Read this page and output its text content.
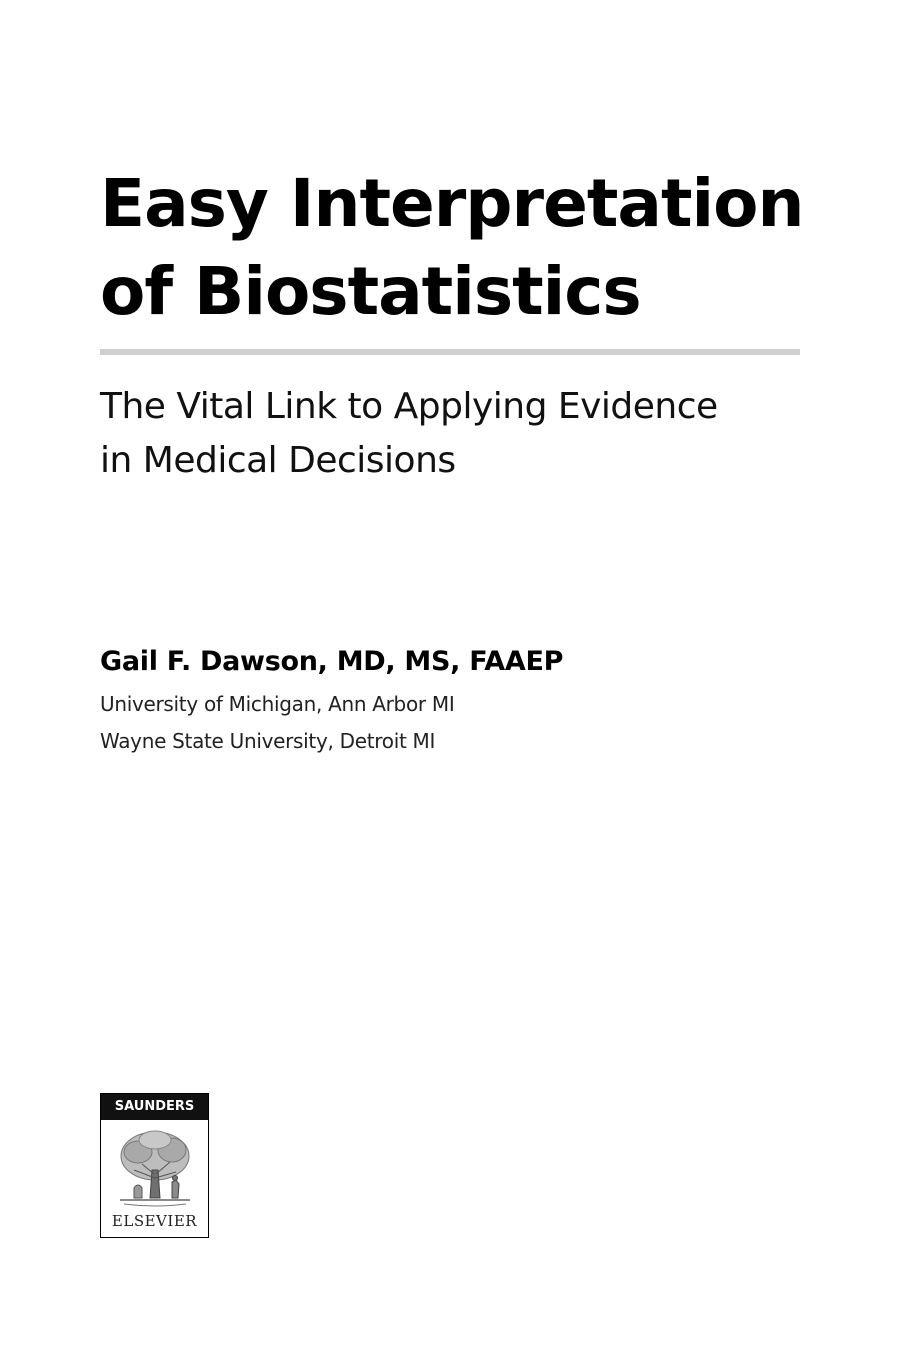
Easy Interpretation
of Biostatistics
The Vital Link to Applying Evidence
in Medical Decisions

Gail F. Dawson, MD, MS, FAAEP

University of Michigan, Ann Arbor MI

Wayne State University, Detroit MI

SAUNDERS
ELSEVIER
